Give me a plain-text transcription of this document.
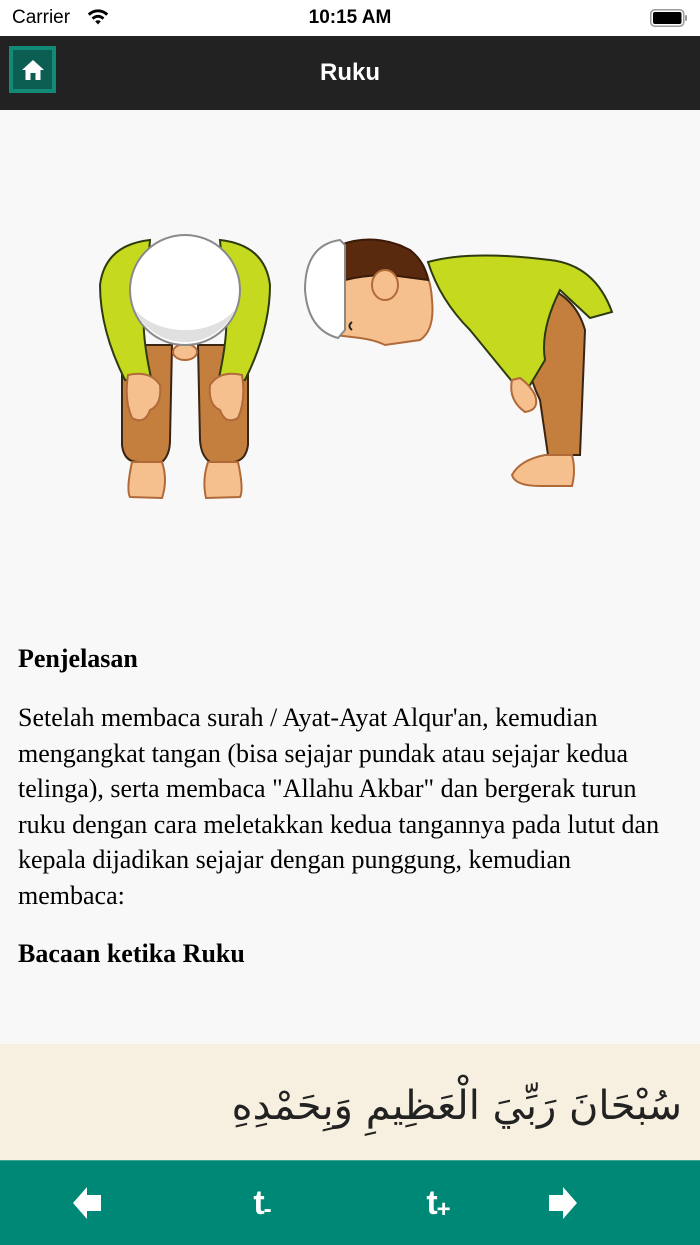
Carrier	10:15 AM
Ruku
Penjelasan

Setelah membaca surah / Ayat-Ayat Alqur'an, kemudian mengangkat tangan (bisa sejajar pundak atau sejajar kedua telinga), serta membaca "Allahu Akbar" dan bergerak turun ruku dengan cara meletakkan kedua tangannya pada lutut dan kepala dijadikan sejajar dengan punggung, kemudian membaca:

Bacaan ketika Ruku
سُبْحَانَ رَبِّيَ الْعَظِيمِ وَبِحَمْدِهِ
$t_-$	$t_+$
